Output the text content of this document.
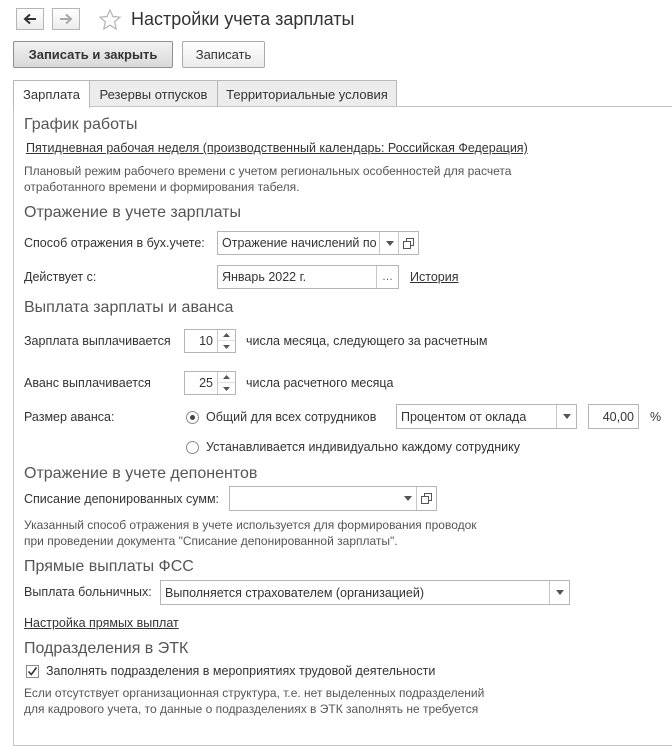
Настройки учета зарплаты
Записать и закрыть	Записать
Зарплата	Резервы отпусков	Территориальные условия
График работы
Пятидневная рабочая неделя (производственный календарь: Российская Федерация)
Плановый режим рабочего времени с учетом региональных особенностей для расчета
отработанного времени и формирования табеля.
Отражение в учете зарплаты
Способ отражения в бух.учете: Отражение начислений по
Действует с:	Январь 2022 г.	…	История
Выплата зарплаты и аванса
Зарплата выплачивается 10	числа месяца, следующего за расчетным
Аванс выплачивается	25	числа расчетного месяца
Размер аванса:	Общий для всех сотрудников Процентом от оклада	40,00 %
Устанавливается индивидуально каждому сотруднику
Отражение в учете депонентов
Списание депонированных сумм:
Указанный способ отражения в учете используется для формирования проводок
при проведении документа "Списание депонированной зарплаты".
Прямые выплаты ФСС
Выплата больничных: Выполняется страхователем (организацией)
Настройка прямых выплат
Подразделения в ЭТК
Заполнять подразделения в мероприятиях трудовой деятельности
Если отсутствует организационная структура, т.е. нет выделенных подразделений
для кадрового учета, то данные о подразделениях в ЭТК заполнять не требуется
